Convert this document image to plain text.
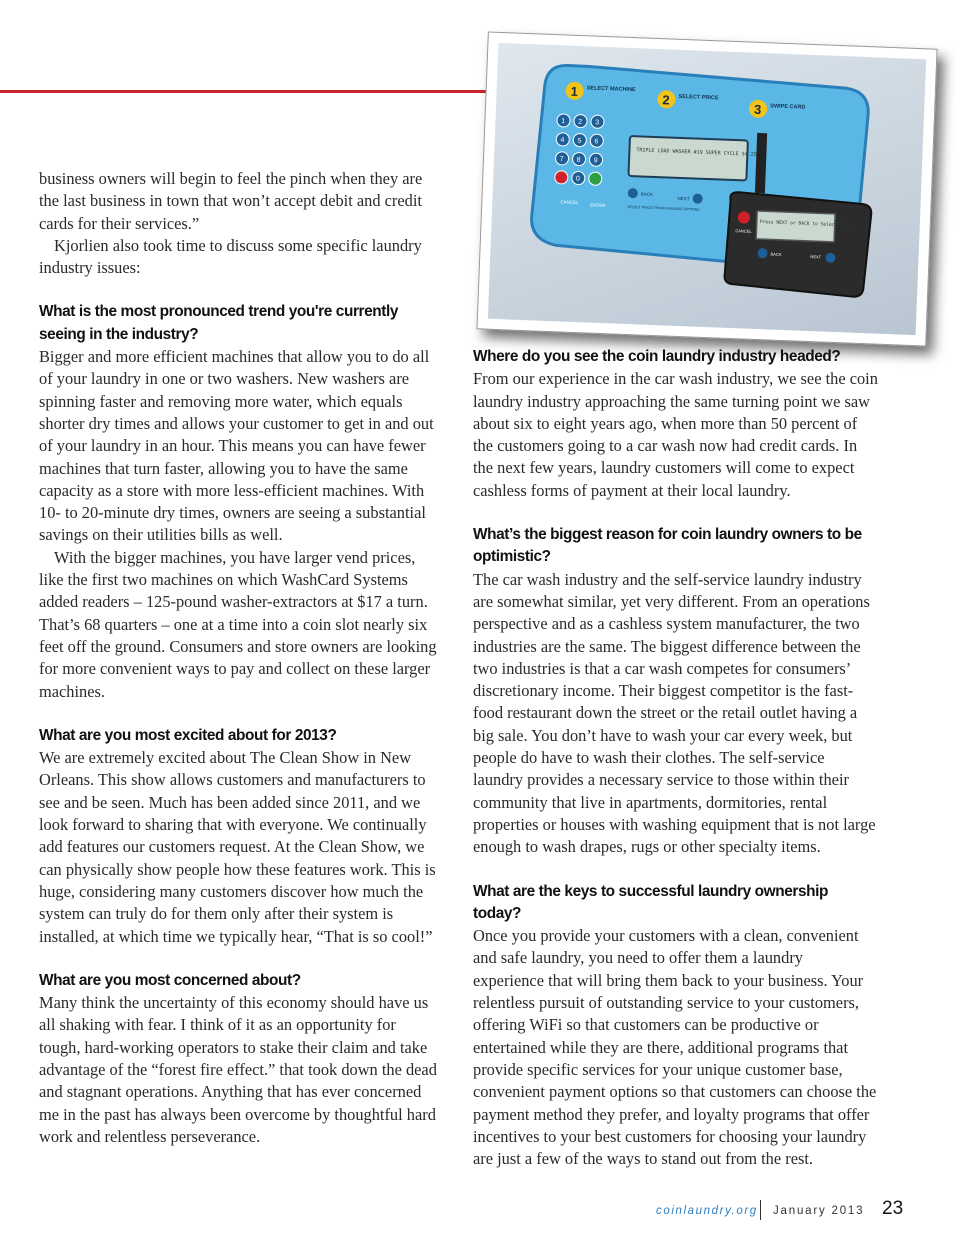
1 SELECT MACHINE
2 SELECT PRICE
3 SWIPE CARD
1 2 3
4 5 6
7 8 9
0
CANCEL
ENTER
TRIPLE LOAD WASHER #19 SUPER CYCLE $4.25
BACK
NEXT
SELECT PRICE FROM AVAILABLE OPTIONS
Press NEXT or BACK to Select Price
CANCEL
BACK	NEXT

business owners will begin to feel the pinch when they are the last business in town that won’t accept debit and credit cards for their services.”

Kjorlien also took time to discuss some specific laundry industry issues:

What is the most pronounced trend you're currently seeing in the industry?

Bigger and more efficient machines that allow you to do all of your laundry in one or two washers. New washers are spinning faster and removing more water, which equals shorter dry times and allows your customer to get in and out of your laundry in an hour. This means you can have fewer machines that turn faster, allowing you to have the same capacity as a store with more less-efficient machines. With 10- to 20-minute dry times, owners are seeing a substantial savings on their utilities bills as well.

With the bigger machines, you have larger vend prices, like the first two machines on which WashCard Systems added readers – 125-pound washer-extractors at $17 a turn. That’s 68 quarters – one at a time into a coin slot nearly six feet off the ground. Consumers and store owners are looking for more convenient ways to pay and collect on these larger machines.

What are you most excited about for 2013?

We are extremely excited about The Clean Show in New Orleans. This show allows customers and manufacturers to see and be seen. Much has been added since 2011, and we look forward to sharing that with everyone. We continually add features our customers request. At the Clean Show, we can physically show people how these features work. This is huge, considering many customers discover how much the system can truly do for them only after their system is installed, at which time we typically hear, “That is so cool!”

What are you most concerned about?

Many think the uncertainty of this economy should have us all shaking with fear. I think of it as an opportunity for tough, hard-working operators to stake their claim and take advantage of the “forest fire effect.” that took down the dead and stagnant operations. Anything that has ever concerned me in the past has always been overcome by thoughtful hard work and relentless perseverance.

Where do you see the coin laundry industry headed?

From our experience in the car wash industry, we see the coin laundry industry approaching the same turning point we saw about six to eight years ago, when more than 50 percent of the customers going to a car wash now had credit cards. In the next few years, laundry customers will come to expect cashless forms of payment at their local laundry.

What’s the biggest reason for coin laundry owners to be optimistic?

The car wash industry and the self-service laundry industry are somewhat similar, yet very different. From an operations perspective and as a cashless system manufacturer, the two industries are the same. The biggest difference between the two industries is that a car wash competes for consumers’ discretionary income. Their biggest competitor is the fast-food restaurant down the street or the retail outlet having a big sale. You don’t have to wash your car every week, but people do have to wash their clothes. The self-service laundry provides a necessary service to those within their community that live in apartments, dormitories, rental properties or houses with washing equipment that is not large enough to wash drapes, rugs or other specialty items.

What are the keys to successful laundry ownership today?

Once you provide your customers with a clean, convenient and safe laundry, you need to offer them a laundry experience that will bring them back to your business. Your relentless pursuit of outstanding service to your customers, offering WiFi so that customers can be productive or entertained while they are there, additional programs that provide specific services for your unique customer base, convenient payment options so that customers can choose the payment method they prefer, and loyalty programs that offer incentives to your best customers for choosing your laundry are just a few of the ways to stand out from the rest.

coinlaundry.org January 2013 23
